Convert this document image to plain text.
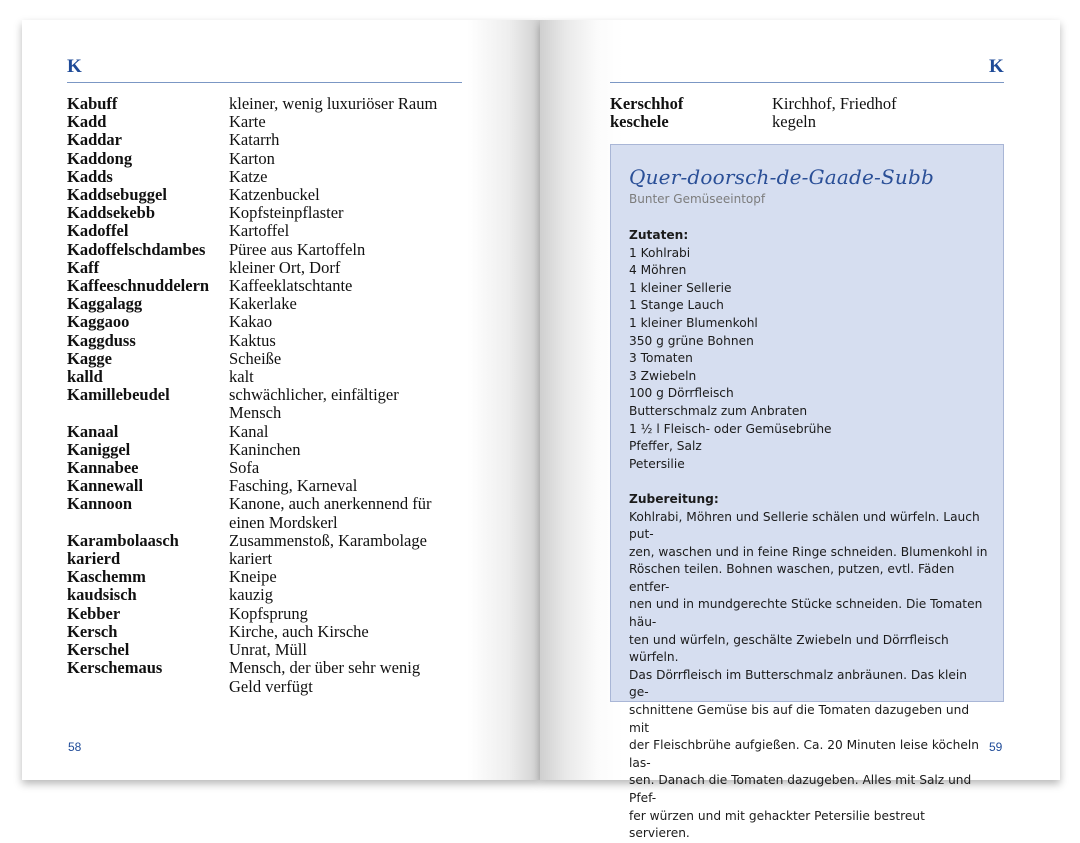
K	K
Kabuff	kleiner, wenig luxuriöser Raum
Kadd	Karte
Kaddar	Katarrh
Kaddong	Karton
Kadds	Katze
Kaddsebuggel	Katzenbuckel
Kaddsekebb	Kopfsteinpflaster
Kadoffel	Kartoffel
Kadoffelschdambes	Püree aus Kartoffeln
Kaff	kleiner Ort, Dorf
Kaffeeschnuddelern	Kaffeeklatschtante
Kaggalagg	Kakerlake
Kaggaoo	Kakao
Kaggduss	Kaktus
Kagge	Scheiße
kalld	kalt
Kamillebeudel	schwächlicher, einfältiger
Mensch
Kanaal	Kanal
Kaniggel	Kaninchen
Kannabee	Sofa
Kannewall	Fasching, Karneval
Kannoon	Kanone, auch anerkennend für
einen Mordskerl
Karambolaasch	Zusammenstoß, Karambolage
karierd	kariert
Kaschemm	Kneipe
kaudsisch	kauzig
Kebber	Kopfsprung
Kersch	Kirche, auch Kirsche
Kerschel	Unrat, Müll
Kerschemaus	Mensch, der über sehr wenig
Geld verfügt
Kerschhof	Kirchhof, Friedhof
keschele	kegeln
Quer-doorsch-de-Gaade-Subb
Bunter Gemüseeintopf
Zutaten:
1 Kohlrabi
4 Möhren
1 kleiner Sellerie
1 Stange Lauch
1 kleiner Blumenkohl
350 g grüne Bohnen
3 Tomaten
3 Zwiebeln
100 g Dörrfleisch
Butterschmalz zum Anbraten
1 ½ l Fleisch- oder Gemüsebrühe
Pfeffer, Salz
Petersilie
Zubereitung:
Kohlrabi, Möhren und Sellerie schälen und würfeln. Lauch put-
zen, waschen und in feine Ringe schneiden. Blumenkohl in
Röschen teilen. Bohnen waschen, putzen, evtl. Fäden entfer-
nen und in mundgerechte Stücke schneiden. Die Tomaten häu-
ten und würfeln, geschälte Zwiebeln und Dörrfleisch würfeln.
Das Dörrfleisch im Butterschmalz anbräunen. Das klein ge-
schnittene Gemüse bis auf die Tomaten dazugeben und mit
der Fleischbrühe aufgießen. Ca. 20 Minuten leise köcheln las-
sen. Danach die Tomaten dazugeben. Alles mit Salz und Pfef-
fer würzen und mit gehackter Petersilie bestreut servieren.
58	59
